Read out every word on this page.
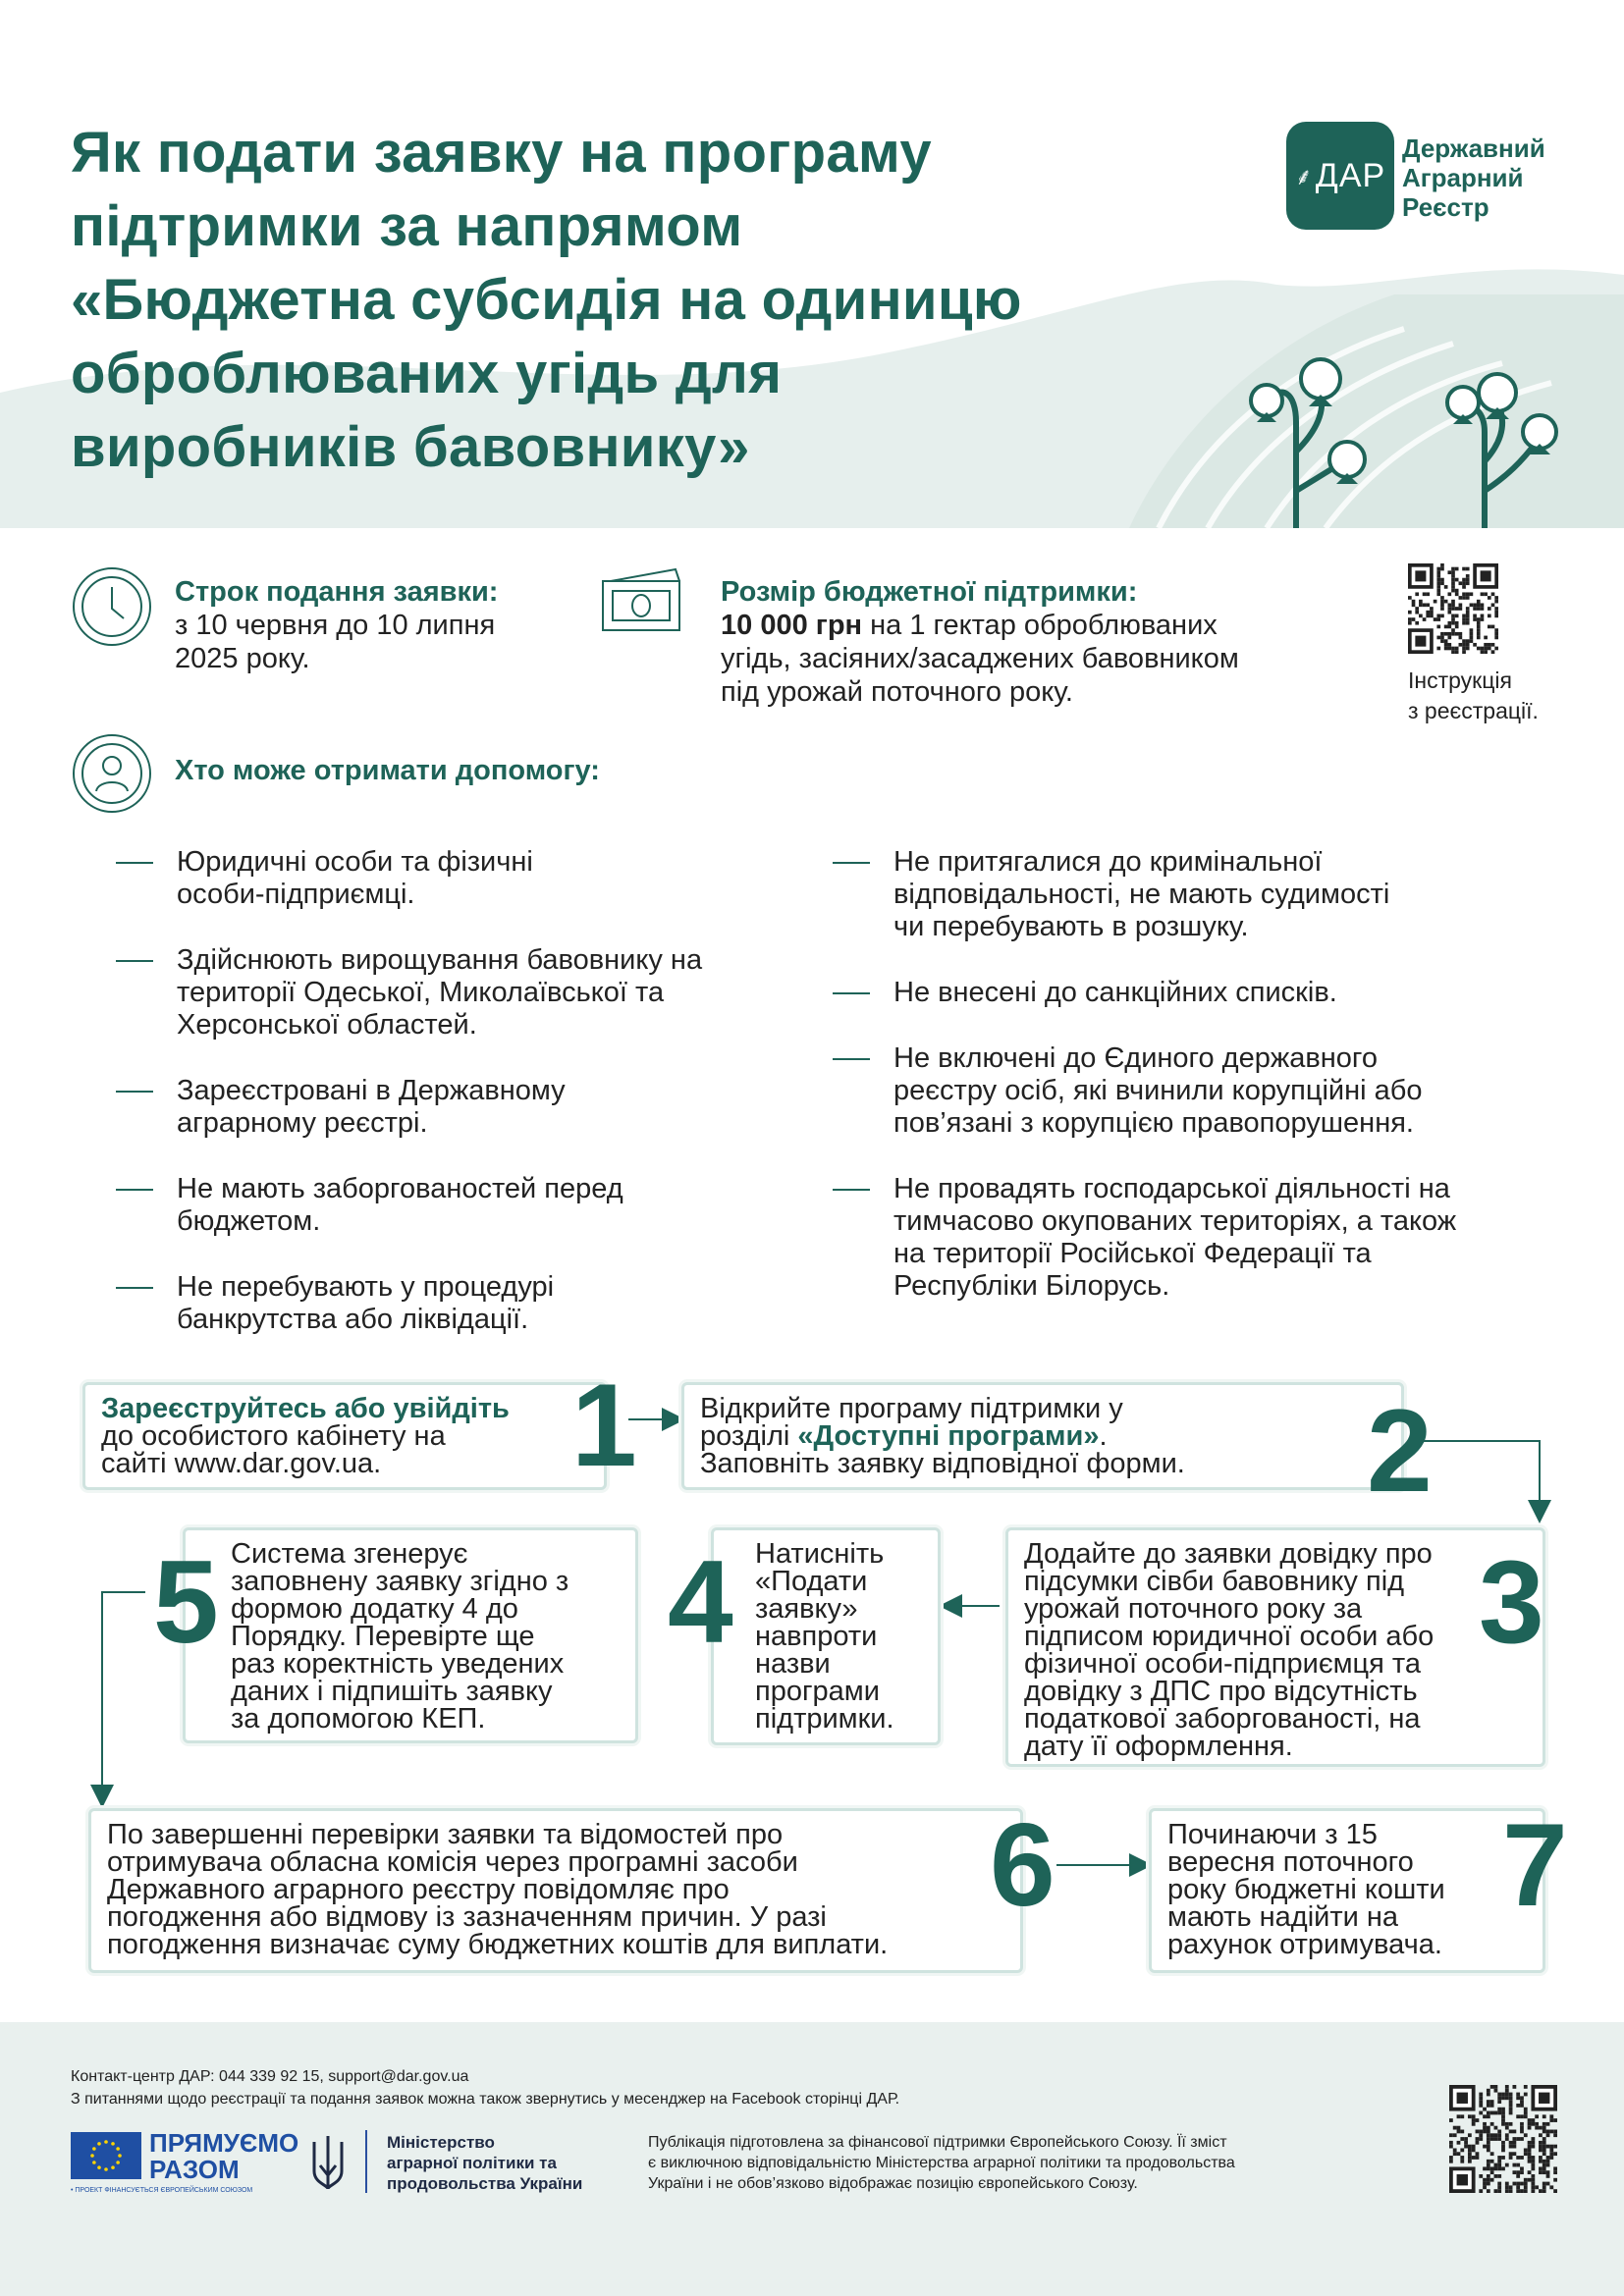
Як подати заявку на програму
підтримки за напрямом
«Бюджетна субсидія на одиницю
оброблюваних угідь для
виробників бавовнику»
⸙ ДАР
Державний
Аграрний
Реєстр
Строк подання заявки:
з 10 червня до 10 липня
2025 року.
Розмір бюджетної підтримки:
10 000 грн на 1 гектар оброблюваних
угідь, засіяних/засаджених бавовником
під урожай поточного року.	Інструкція
з реєстрації.
Хто може отримати допомогу:
Юридичні особи та фізичні
особи-підприємці.
Здійснюють вирощування бавовнику на
території Одеської, Миколаївської та
Херсонської областей.
Зареєстровані в Державному
аграрному реєстрі.
Не мають заборгованостей перед
бюджетом.
Не перебувають у процедурі
банкрутства або ліквідації.
Не притягалися до кримінальної
відповідальності, не мають судимості
чи перебувають в розшуку.
Не внесені до санкційних списків.
Не включені до Єдиного державного
реєстру осіб, які вчинили корупційні або
пов’язані з корупцією правопорушення.
Не провадять господарської діяльності на
тимчасово окупованих територіях, а також
на території Російської Федерації та
Республіки Білорусь.
Зареєструйтесь або увійдіть
до особистого кабінету на
сайті www.dar.gov.ua.	1 Відкрийте програму підтримки у
розділі «Доступні програми».
Заповніть заявку відповідної форми.	2
Додайте до заявки довідку про
підсумки сівби бавовнику під
урожай поточного року за
підписом юридичної особи або
фізичної особи-підприємця та
довідку з ДПС про відсутність
податкової заборгованості, на
дату її оформлення.
3
Натисніть
«Подати
заявку»
навпроти
назви
програми
підтримки.
4
Система згенерує
заповнену заявку згідно з
формою додатку 4 до
Порядку. Перевірте ще
раз коректність уведених
даних і підпишіть заявку
за допомогою КЕП.
5
По завершенні перевірки заявки та відомостей про
отримувача обласна комісія через програмні засоби
Державного аграрного реєстру повідомляє про
погодження або відмову із зазначенням причин. У разі
погодження визначає суму бюджетних коштів для виплати.
6	Починаючи з 15
вересня поточного
року бюджетні кошти
мають надійти на
рахунок отримувача.
7
Контакт-центр ДАР: 044 339 92 15, support@dar.gov.ua
З питаннями щодо реєстрації та подання заявок можна також звернутись у месенджер на Facebook сторінці ДАР.
ПРЯМУЄМО
РАЗОМ
• ПРОЕКТ ФІНАНСУЄТЬСЯ ЄВРОПЕЙСЬКИМ СОЮЗОМ
Міністерство
аграрної політики та
продовольства України
Публікація підготовлена за фінансової підтримки Європейського Союзу. Її зміст
є виключною відповідальністю Міністерства аграрної політики та продовольства
України і не обов’язково відображає позицію європейського Союзу.
